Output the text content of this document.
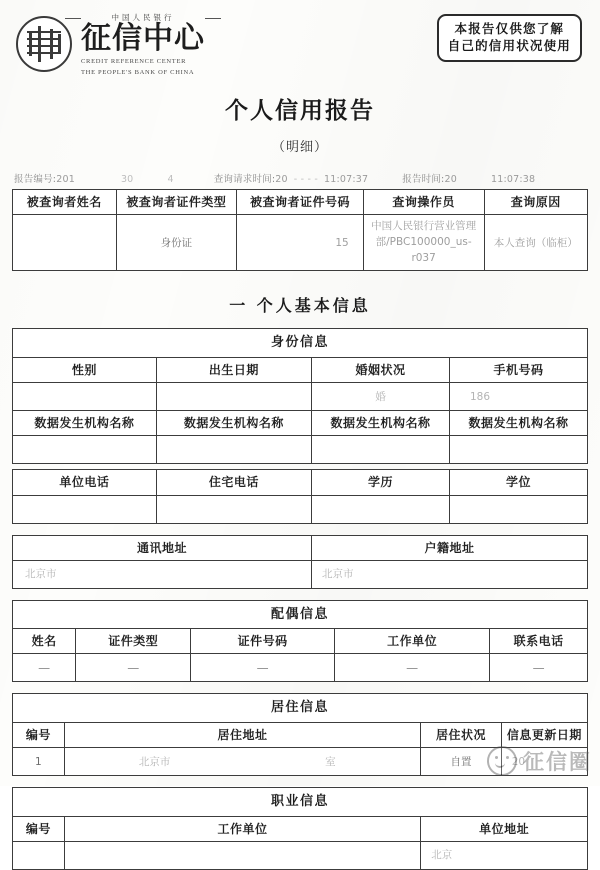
中国人民银行
征信中心
CREDIT REFERENCE CENTER
THE PEOPLE'S BANK OF CHINA
本报告仅供您了解
自己的信用状况使用
个人信用报告
（明细）
报告编号: 201	30	4	查询请求时间: 20 - - - - 11:07:37	报告时间: 20	11:07:38
被查询者姓名	被查询者证件类型	被查询者证件号码	查询操作员	查询原因
	身份证	15	中国人民银行营业管理
部/PBC100000_us-r037	本人查询（临柜）
一 个人基本信息
身份信息			
性别	出生日期	婚姻状况	手机号码
		婚	186
数据发生机构名称	数据发生机构名称	数据发生机构名称	数据发生机构名称

单位电话	住宅电话	学历	学位

通讯地址	户籍地址
北京市	北京市
配偶信息				
姓名	证件类型	证件号码	工作单位	联系电话
—	—	—	—	—
居住信息			
编号	居住地址	居住状况	信息更新日期
1	北京市 室	自置	20
职业信息		
编号	工作单位	单位地址
		北京
征信圈
